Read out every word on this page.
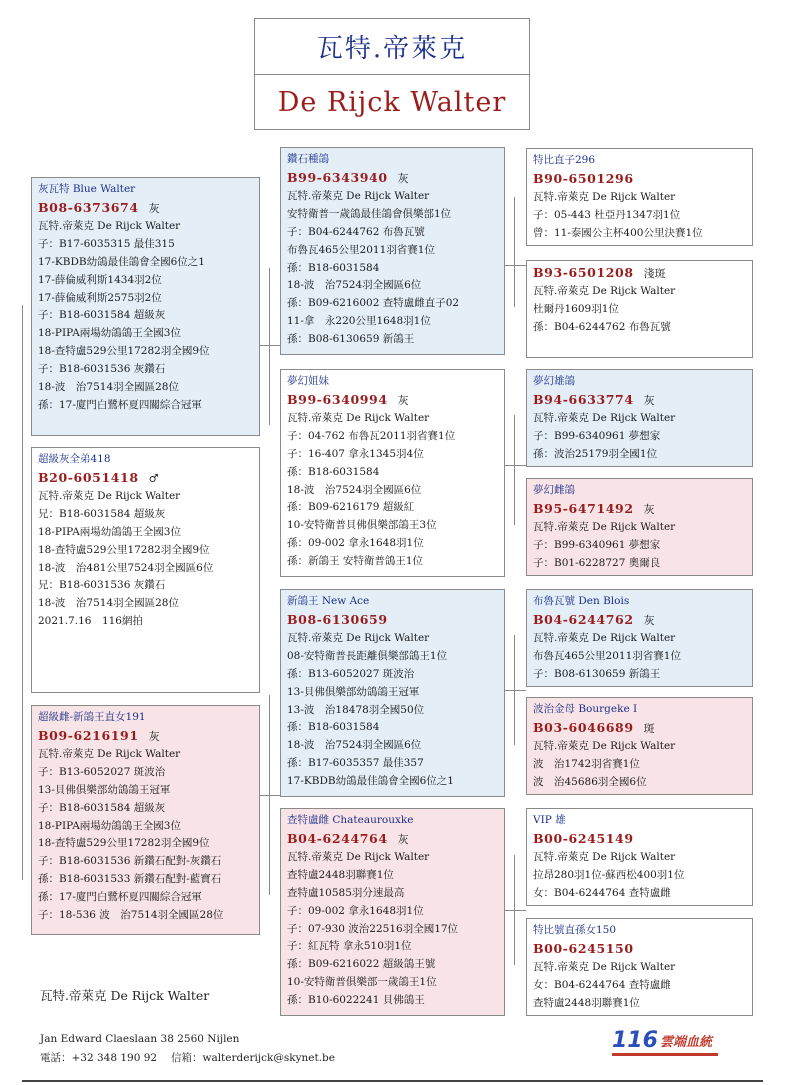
瓦特.帝萊克
De Rijck Walter
灰瓦特 Blue Walter
B08-6373674 灰
瓦特.帝萊克 De Rijck Walter
子：B17-6035315 最佳315
17-KBDB幼鴿最佳鴿會全國6位之1
17-薛倫威利斯1434羽2位
17-薛倫威利斯2575羽2位
子：B18-6031584 超級灰
18-PIPA兩場幼鴿鴿王全國3位
18-查特盧529公里17282羽全國9位
子：B18-6031536 灰鑽石
18-波　治7514羽全國區28位
孫：17-廈門白鷺杯夏四關綜合冠軍
超級灰全弟418
B20-6051418 ♂
瓦特.帝萊克 De Rijck Walter
兄：B18-6031584 超級灰
18-PIPA兩場幼鴿鴿王全國3位
18-查特盧529公里17282羽全國9位
18-波　治481公里7524羽全國區6位
兄：B18-6031536 灰鑽石
18-波　治7514羽全國區28位
2021.7.16　116網拍
超級雌-新鴿王直女191
B09-6216191 灰
瓦特.帝萊克 De Rijck Walter
子：B13-6052027 斑波治
13-貝佛俱樂部幼鴿鴿王冠軍
子：B18-6031584 超級灰
18-PIPA兩場幼鴿鴿王全國3位
18-查特盧529公里17282羽全國9位
子：B18-6031536 新鑽石配對-灰鑽石
孫：B18-6031533 新鑽石配對-藍寶石
孫：17-廈門白鷺杯夏四關綜合冠軍
子：18-536 波　治7514羽全國區28位
鑽石種鴿
B99-6343940 灰
瓦特.帝萊克 De Rijck Walter
安特衛普一歲鴿最佳鴿會俱樂部1位
子：B04-6244762 布魯瓦號
布魯瓦465公里2011羽省賽1位
孫：B18-6031584
18-波　治7524羽全國區6位
孫：B09-6216002 查特盧雌直子02
11-拿　永220公里1648羽1位
孫：B08-6130659 新鴿王
夢幻姐妹
B99-6340994 灰
瓦特.帝萊克 De Rijck Walter
子：04-762 布魯瓦2011羽省賽1位
子：16-407 拿永1345羽4位
孫：B18-6031584
18-波　治7524羽全國區6位
孫：B09-6216179 超級紅
10-安特衛普貝佛俱樂部鴿王3位
孫：09-002 拿永1648羽1位
孫：新鴿王 安特衛普鴿王1位
新鴿王 New Ace
B08-6130659
瓦特.帝萊克 De Rijck Walter
08-安特衛普長距離俱樂部鴿王1位
孫：B13-6052027 斑波治
13-貝佛俱樂部幼鴿鴿王冠軍
13-波　治18478羽全國50位
孫：B18-6031584
18-波　治7524羽全國區6位
孫：B17-6035357 最佳357
17-KBDB幼鴿最佳鴿會全國6位之1
查特盧雌 Chateaurouxke
B04-6244764 灰
瓦特.帝萊克 De Rijck Walter
查特盧2448羽聯賽1位
查特盧10585羽分速最高
子：09-002 拿永1648羽1位
子：07-930 波治22516羽全國17位
子：紅瓦特 拿永510羽1位
孫：B09-6216022 超級鴿王號
10-安特衛普俱樂部一歲鴿王1位
孫：B10-6022241 貝佛鴿王
特比直子296
B90-6501296
瓦特.帝萊克 De Rijck Walter
子：05-443 杜亞丹1347羽1位
曾：11-泰國公主杯400公里決賽1位
B93-6501208 淺斑
瓦特.帝萊克 De Rijck Walter
杜爾丹1609羽1位
孫：B04-6244762 布魯瓦號
夢幻雄鴿
B94-6633774 灰
瓦特.帝萊克 De Rijck Walter
子：B99-6340961 夢想家
孫：波治25179羽全國1位
夢幻雌鴿
B95-6471492 灰
瓦特.帝萊克 De Rijck Walter
子：B99-6340961 夢想家
子：B01-6228727 奧爾良
布魯瓦號 Den Blois
B04-6244762 灰
瓦特.帝萊克 De Rijck Walter
布魯瓦465公里2011羽省賽1位
子：B08-6130659 新鴿王
波治金母 Bourgeke I
B03-6046689 斑
瓦特.帝萊克 De Rijck Walter
波　治1742羽省賽1位
波　治45686羽全國6位
VIP 雄
B00-6245149
瓦特.帝萊克 De Rijck Walter
拉昂280羽1位-蘇西松400羽1位
女：B04-6244764 查特盧雌
特比號直孫女150
B00-6245150
瓦特.帝萊克 De Rijck Walter
女：B04-6244764 查特盧雌
查特盧2448羽聯賽1位
瓦特.帝萊克 De Rijck Walter
Jan Edward Claeslaan 38 2560 Nijlen
電話：+32 348 190 92　 信箱：walterderijck@skynet.be
116 雲端血統
